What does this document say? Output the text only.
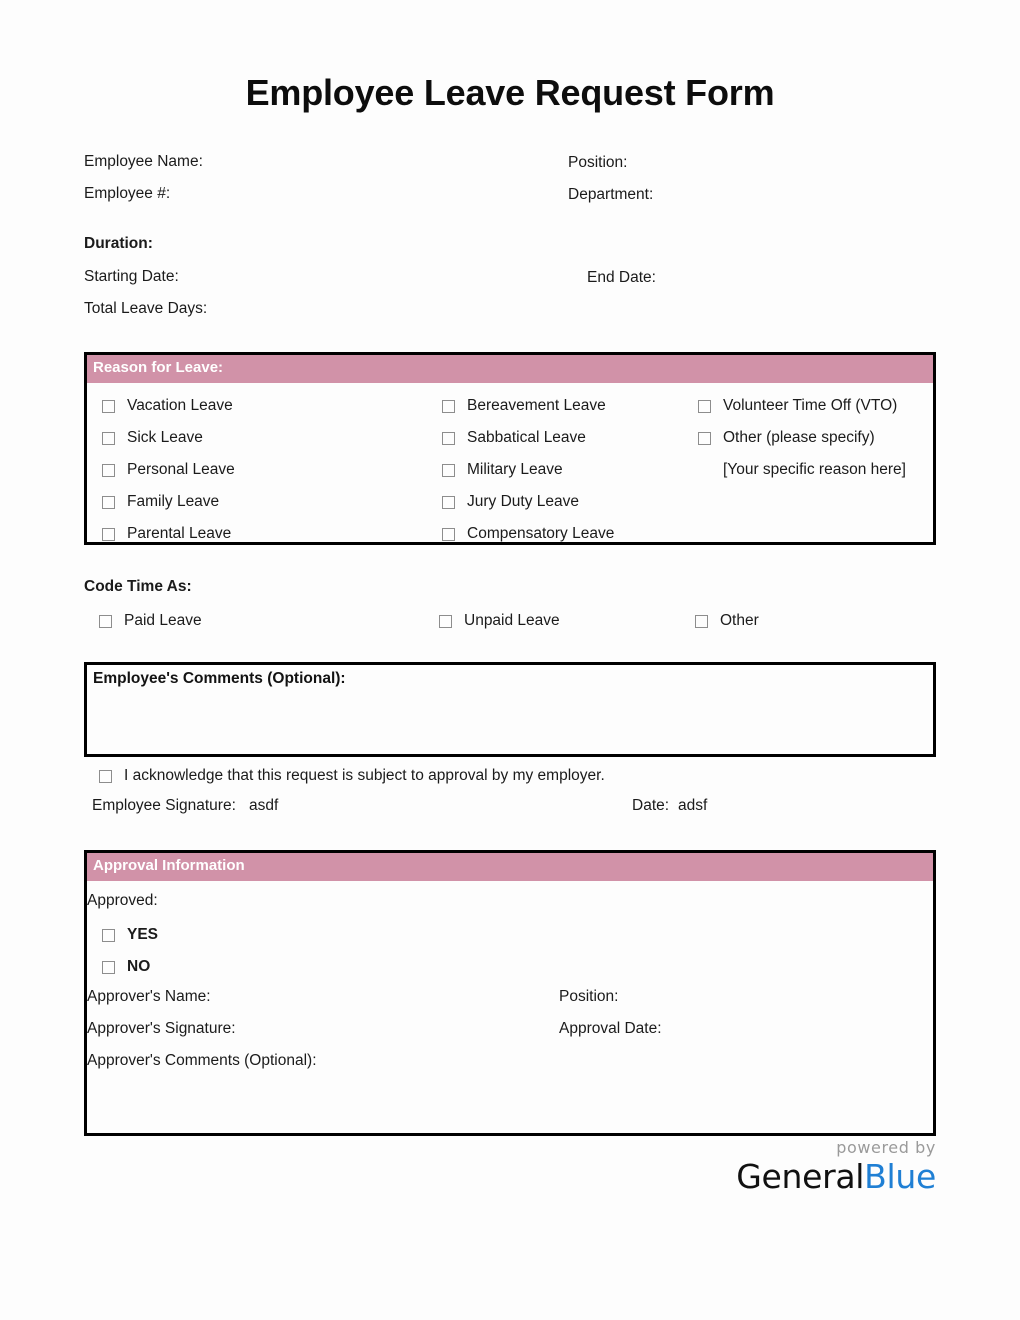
Employee Leave Request Form
Employee Name:	Position:
Employee #:	Department:
Duration:
Starting Date:	End Date:
Total Leave Days:
Reason for Leave:
Vacation Leave
Sick Leave
Personal Leave
Family Leave
Parental Leave
Bereavement Leave
Sabbatical Leave
Military Leave
Jury Duty Leave
Compensatory Leave
Volunteer Time Off (VTO)
Other (please specify)
[Your specific reason here]
Code Time As:
Paid Leave	Unpaid Leave	Other
Employee's Comments (Optional):
I acknowledge that this request is subject to approval by my employer.
Employee Signature: asdf	Date: adsf
Approval Information
Approved:
YES
NO
Approver's Name:	Position:
Approver's Signature:	Approval Date:
Approver's Comments (Optional):
powered by
GeneralBlue
